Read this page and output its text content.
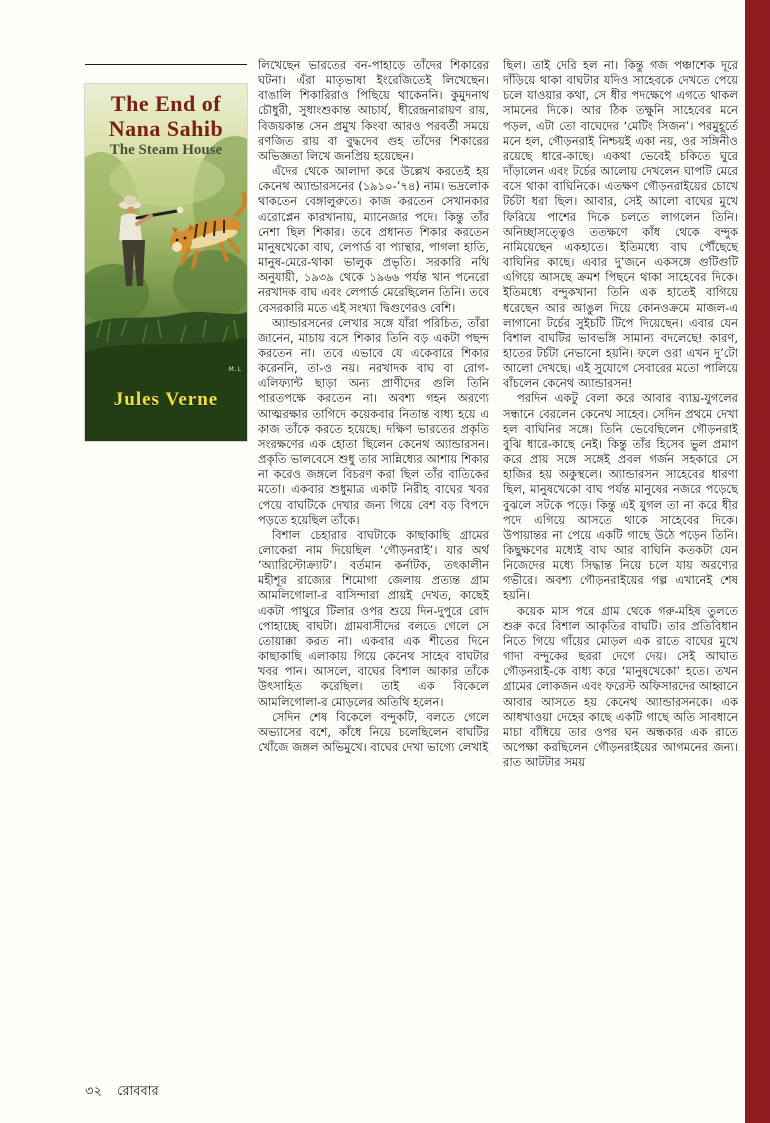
The End of
Nana Sahib
The Steam House
Jules Verne
M.L

লিখেছেন ভারতের বন-পাহাড়ে তাঁদের শিকারের ঘটনা। এঁরা মাতৃভাষা ইংরেজিতেই লিখেছেন। বাঙালি শিকারিরাও পিছিয়ে থাকেননি। কুমুদনাথ চৌধুরী, সুধাংশুকান্ত আচার্য, ধীরেন্দ্রনারায়ণ রায়, বিজয়কান্ত সেন প্রমুখ কিংবা আরও পরবর্তী সময়ে রণজিত রায় বা বুদ্ধদেব গুহ তাঁদের শিকারের অভিজ্ঞতা লিখে জনপ্রিয় হয়েছেন।

এঁদের থেকে আলাদা করে উল্লেখ করতেই হয় কেনেথ অ্যান্ডারসনের (১৯১০-’৭৪) নাম। ভদ্রলোক থাকতেন বেঙ্গালুরুতে। কাজ করতেন সেখানকার এরোপ্লেন কারখানায়, ম্যানেজার পদে। কিন্তু তাঁর নেশা ছিল শিকার। তবে প্রধানত শিকার করতেন মানুষখেকো বাঘ, লেপার্ড বা প্যান্থার, পাগলা হাতি, মানুষ-মেরে-থাকা ভালুক প্রভৃতি। সরকারি নথি অনুযায়ী, ১৯৩৯ থেকে ১৯৬৬ পর্যন্ত খান পনেরো নরখাদক বাঘ এবং লেপার্ড মেরেছিলেন তিনি। তবে বেসরকারি মতে এই সংখ্যা দ্বিগুণেরও বেশি।

অ্যান্ডারসনের লেখার সঙ্গে যাঁরা পরিচিত, তাঁরা জানেন, মাচায় বসে শিকার তিনি বড় একটা পছন্দ করতেন না। তবে এভাবে যে একেবারে শিকার করেননি, তা-ও নয়। নরখাদক বাঘ বা রোগ-এলিফ্যান্ট ছাড়া অন্য প্রাণীদের গুলি তিনি পারতপক্ষে করতেন না। অবশ্য গহন অরণ্যে আত্মরক্ষার তাগিদে কয়েকবার নিতান্ত বাধ্য হয়ে এ কাজ তাঁকে করতে হয়েছে। দক্ষিণ ভারতের প্রকৃতি সংরক্ষণের এক হোতা ছিলেন কেনেথ অ্যান্ডারসন। প্রকৃতি ভালবেসে শুধু তার সান্নিধ্যের আশায় শিকার না করেও জঙ্গলে বিচরণ করা ছিল তাঁর বাতিকের মতো। একবার শুধুমাত্র একটি নিরীহ বাঘের খবর পেয়ে বাঘটিকে দেখার জন্য গিয়ে বেশ বড় বিপদে পড়তে হয়েছিল তাঁকে।

বিশাল চেহারার বাঘটাকে কাছাকাছি গ্রামের লোকেরা নাম দিয়েছিল ‘গৌড়নরাই’। যার অর্থ ‘অ্যারিস্টোক্র্যাট’। বর্তমান কর্নাটক, তৎকালীন মহীশূর রাজ্যের শিমোগা জেলায় প্রত্যন্ত গ্রাম আমলিগোলা-র বাসিন্দারা প্রায়ই দেখত, কাছেই একটা পাথুরে টিলার ওপর শুয়ে দিন-দুপুরে রোদ পোহাচ্ছে বাঘটা। গ্রামবাসীদের বলতে গেলে সে তোয়াক্কা করত না। একবার এক শীতের দিনে কাছাকাছি এলাকায় গিয়ে কেনেথ সাহেব বাঘটার খবর পান। আসলে, বাঘের বিশাল আকার তাঁকে উৎসাহিত করেছিল। তাই এক বিকেলে আমলিগোলা-র মোড়লের অতিথি হলেন।

সেদিন শেষ বিকেলে বন্দুকটি, বলতে গেলে অভ্যাসের বশে, কাঁধে নিয়ে চলেছিলেন বাঘটির খোঁজে জঙ্গল অভিমুখে। বাঘের দেখা ভাগ্যে লেখাই

ছিল। তাই দেরি হল না। কিন্তু গজ পঞ্চাশেক দূরে দাঁড়িয়ে থাকা বাঘটার যদিও সাহেবকে দেখতে পেয়ে চলে যাওয়ার কথা, সে ধীর পদক্ষেপে এগতে থাকল সামনের দিকে। আর ঠিক তক্ষুনি সাহেবের মনে পড়ল, এটা তো বাঘেদের ‘মেটিং সিজন’। পরমুহূর্তে মনে হল, গৌড়নরাই নিশ্চয়ই একা নয়, ওর সঙ্গিনীও রয়েছে ধারে-কাছে। একথা ভেবেই চকিতে ঘুরে দাঁড়ালেন এবং টর্চের আলোয় দেখলেন ঘাপটি মেরে বসে থাকা বাঘিনিকে। এতক্ষণ গৌড়নরাইয়ের চোখে টর্চটা ধরা ছিল। আবার, সেই আলো বাঘের মুখে ফিরিয়ে পাশের দিকে চলতে লাগলেন তিনি। অনিচ্ছাসত্ত্বেও ততক্ষণে কাঁধ থেকে বন্দুক নামিয়েছেন একহাতে। ইতিমধ্যে বাঘ পৌঁছেছে বাঘিনির কাছে। এবার দু’জনে একসঙ্গে গুটিগুটি এগিয়ে আসছে ক্রমশ পিছনে থাকা সাহেবের দিকে। ইতিমধ্যে বন্দুকখানা তিনি এক হাতেই বাগিয়ে ধরেছেন আর আঙুল দিয়ে কোনওক্রমে মাজল-এ লাগানো টর্চের সুইচটি টিপে দিয়েছেন। এবার যেন বিশাল বাঘটির ভাবভঙ্গি সামান্য বদলেছে! কারণ, হাতের টর্চটা নেভানো হয়নি। ফলে ওরা এখন দু’টো আলো দেখছে। এই সুযোগে সেবারের মতো পালিয়ে বাঁচলেন কেনেথ অ্যান্ডারসন!

পরদিন একটু বেলা করে আবার ব্যাঘ্র-যুগলের সন্ধানে বেরলেন কেনেথ সাহেব। সেদিন প্রথমে দেখা হল বাঘিনির সঙ্গে। তিনি ভেবেছিলেন গৌড়নরাই বুঝি ধারে-কাছে নেই। কিন্তু তাঁর হিসেব ভুল প্রমাণ করে প্রায় সঙ্গে সঙ্গেই প্রবল গর্জন সহকারে সে হাজির হয় অকুস্থলে। অ্যান্ডারসন সাহেবের ধারণা ছিল, মানুষখেকো বাঘ পর্যন্ত মানুষের নজরে পড়েছে বুঝলে সটকে পড়ে। কিন্তু এই যুগল তা না করে ধীর পদে এগিয়ে আসতে থাকে সাহেবের দিকে। উপায়ান্তর না পেয়ে একটি গাছে উঠে পড়েন তিনি। কিছুক্ষণের মধ্যেই বাঘ আর বাঘিনি কতকটা যেন নিজেদের মধ্যে সিদ্ধান্ত নিয়ে চলে যায় অরণ্যের গভীরে। অবশ্য গৌড়নরাইয়ের গল্প এখানেই শেষ হয়নি।

কয়েক মাস পরে গ্রাম থেকে গরু-মহিষ তুলতে শুরু করে বিশাল আকৃতির বাঘটি। তার প্রতিবিধান নিতে গিয়ে গাঁয়ের মোড়ল এক রাতে বাঘের মুখে গাদা বন্দুকের ছররা দেগে দেয়। সেই আঘাত গৌড়নরাই-কে বাধ্য করে ‘মানুষখেকো’ হতে। তখন গ্রামের লোকজন এবং ফরেস্ট অফিসারদের আহ্বানে আবার আসতে হয় কেনেথ অ্যান্ডারসনকে। এক আধখাওয়া দেহের কাছে একটি গাছে অতি সাবধানে মাচা বাঁধিয়ে তার ওপর ঘন অন্ধকার এক রাতে অপেক্ষা করছিলেন গৌড়নরাইয়ের আগমনের জন্য। রাত আটটার সময়

৩২ রোববার
